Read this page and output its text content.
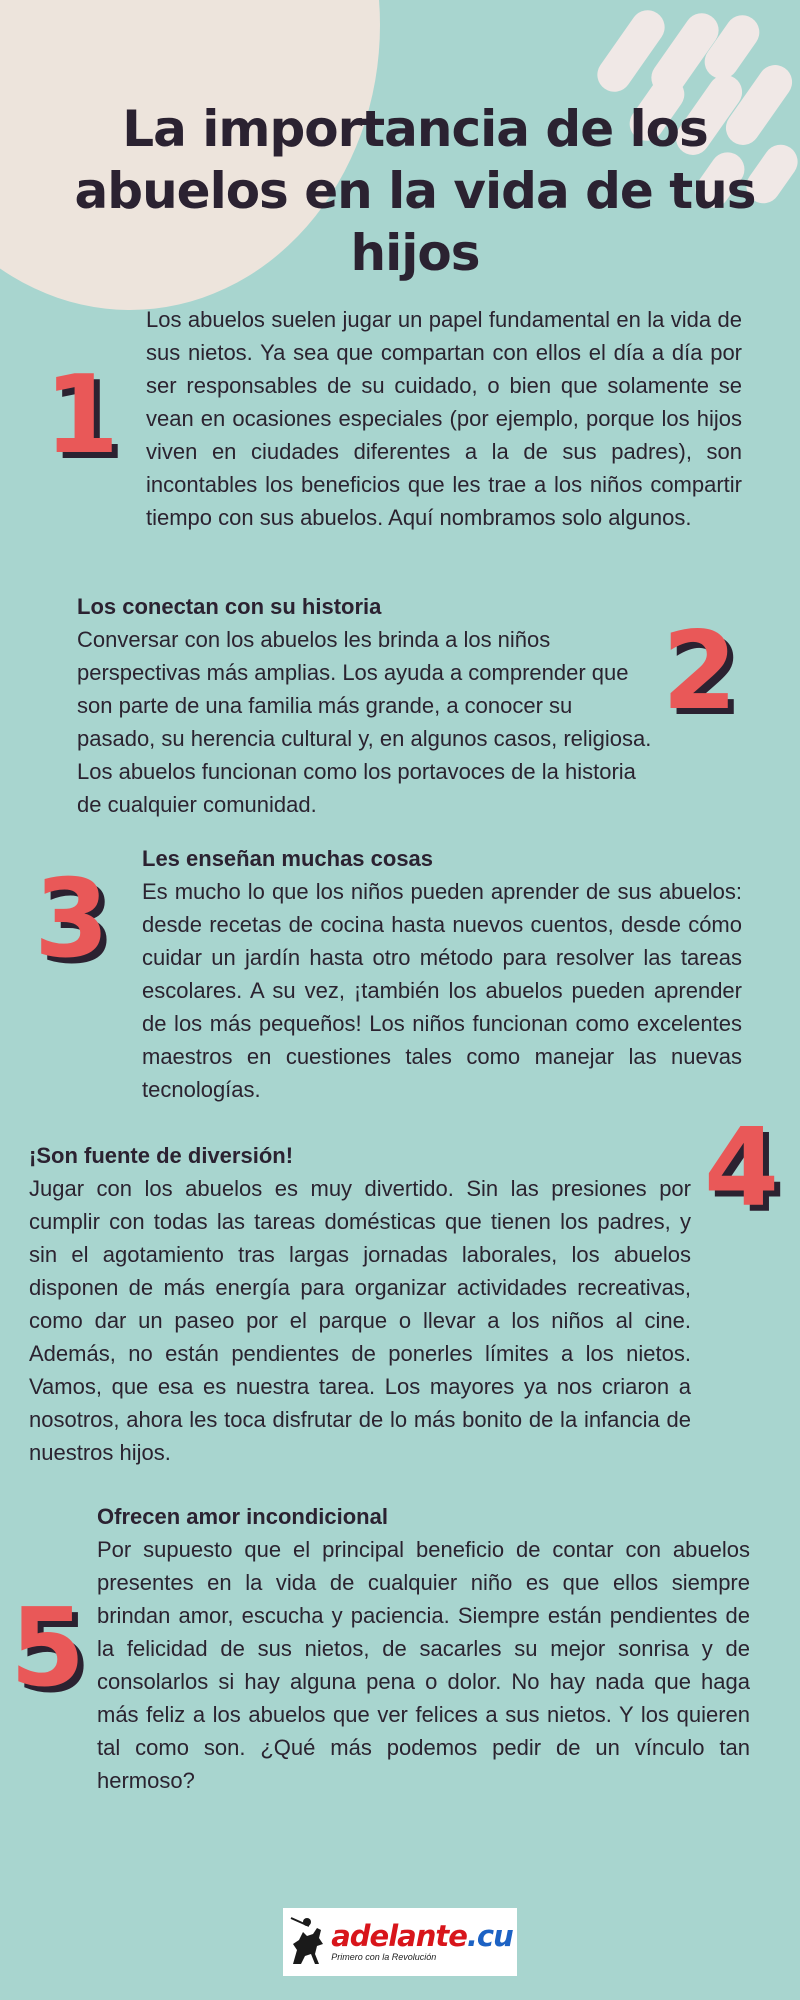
La importancia de los abuelos en la vida de tus hijos
1

Los abuelos suelen jugar un papel fundamental en la vida de sus nietos. Ya sea que compartan con ellos el día a día por ser responsables de su cuidado, o bien que solamente se vean en ocasiones especiales (por ejemplo, porque los hijos viven en ciudades diferentes a la de sus padres), son incontables los beneficios que les trae a los niños compartir tiempo con sus abuelos. Aquí nombramos solo algunos.

Los conectan con su historia

Conversar con los abuelos les brinda a los niños perspectivas más amplias. Los ayuda a comprender que son parte de una familia más grande, a conocer su pasado, su herencia cultural y, en algunos casos, religiosa. Los abuelos funcionan como los portavoces de la historia de cualquier comunidad.

2
3 Les enseñan muchas cosas

Es mucho lo que los niños pueden aprender de sus abuelos: desde recetas de cocina hasta nuevos cuentos, desde cómo cuidar un jardín hasta otro método para resolver las tareas escolares. A su vez, ¡también los abuelos pueden aprender de los más pequeños! Los niños funcionan como excelentes maestros en cuestiones tales como manejar las nuevas tecnologías.

¡Son fuente de diversión!

Jugar con los abuelos es muy divertido. Sin las presiones por cumplir con todas las tareas domésticas que tienen los padres, y sin el agotamiento tras largas jornadas laborales, los abuelos disponen de más energía para organizar actividades recreativas, como dar un paseo por el parque o llevar a los niños al cine. Además, no están pendientes de ponerles límites a los nietos. Vamos, que esa es nuestra tarea. Los mayores ya nos criaron a nosotros, ahora les toca disfrutar de lo más bonito de la infancia de nuestros hijos.

4
5
Ofrecen amor incondicional

Por supuesto que el principal beneficio de contar con abuelos presentes en la vida de cualquier niño es que ellos siempre brindan amor, escucha y paciencia. Siempre están pendientes de la felicidad de sus nietos, de sacarles su mejor sonrisa y de consolarlos si hay alguna pena o dolor. No hay nada que haga más feliz a los abuelos que ver felices a sus nietos. Y los quieren tal como son. ¿Qué más podemos pedir de un vínculo tan hermoso?

adelante.cu
Primero con la Revolución
